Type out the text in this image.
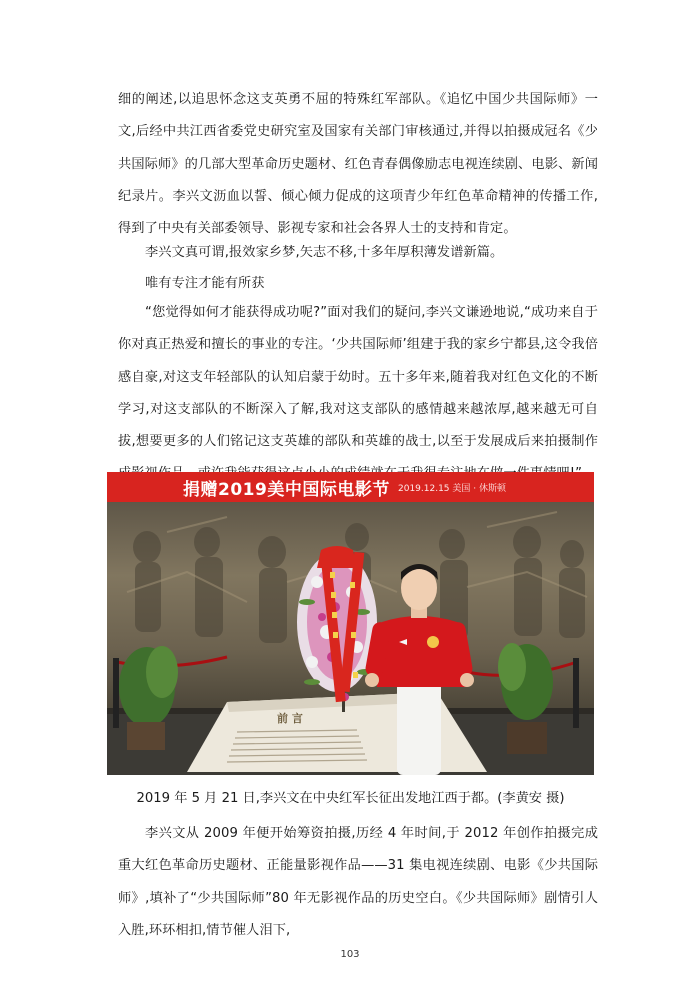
细的阐述,以追思怀念这支英勇不屈的特殊红军部队。《追忆中国少共国际师》一文,后经中共江西省委党史研究室及国家有关部门审核通过,并得以拍摄成冠名《少共国际师》的几部大型革命历史题材、红色青春偶像励志电视连续剧、电影、新闻纪录片。李兴文沥血以誓、倾心倾力促成的这项青少年红色革命精神的传播工作,得到了中央有关部委领导、影视专家和社会各界人士的支持和肯定。

李兴文真可谓,报效家乡梦,矢志不移,十多年厚积薄发谱新篇。

唯有专注才能有所获

“您觉得如何才能获得成功呢?”面对我们的疑问,李兴文谦逊地说,“成功来自于你对真正热爱和擅长的事业的专注。‘少共国际师’组建于我的家乡宁都县,这令我倍感自豪,对这支年轻部队的认知启蒙于幼时。五十多年来,随着我对红色文化的不断学习,对这支部队的不断深入了解,我对这支部队的感情越来越浓厚,越来越无可自拔,想要更多的人们铭记这支英雄的部队和英雄的战士,以至于发展成后来拍摄制作

捐赠2019美中国际电影节 2019.12.15 美国 · 休斯顿
前 言
2019 年 5 月 21 日,李兴文在中央红军长征出发地江西于都。(李黄安 摄)

李兴文从 2009 年便开始筹资拍摄,历经 4 年时间,于 2012 年创作拍摄完成重大红色革命历史题材、正能量影视作品——31 集电视连续剧、电影《少共国际师》,填补了“少共国际师”80 年无影视作品的历史空白。《少共国际师》剧情引人入胜,环环相扣,情节催人泪下,

103
